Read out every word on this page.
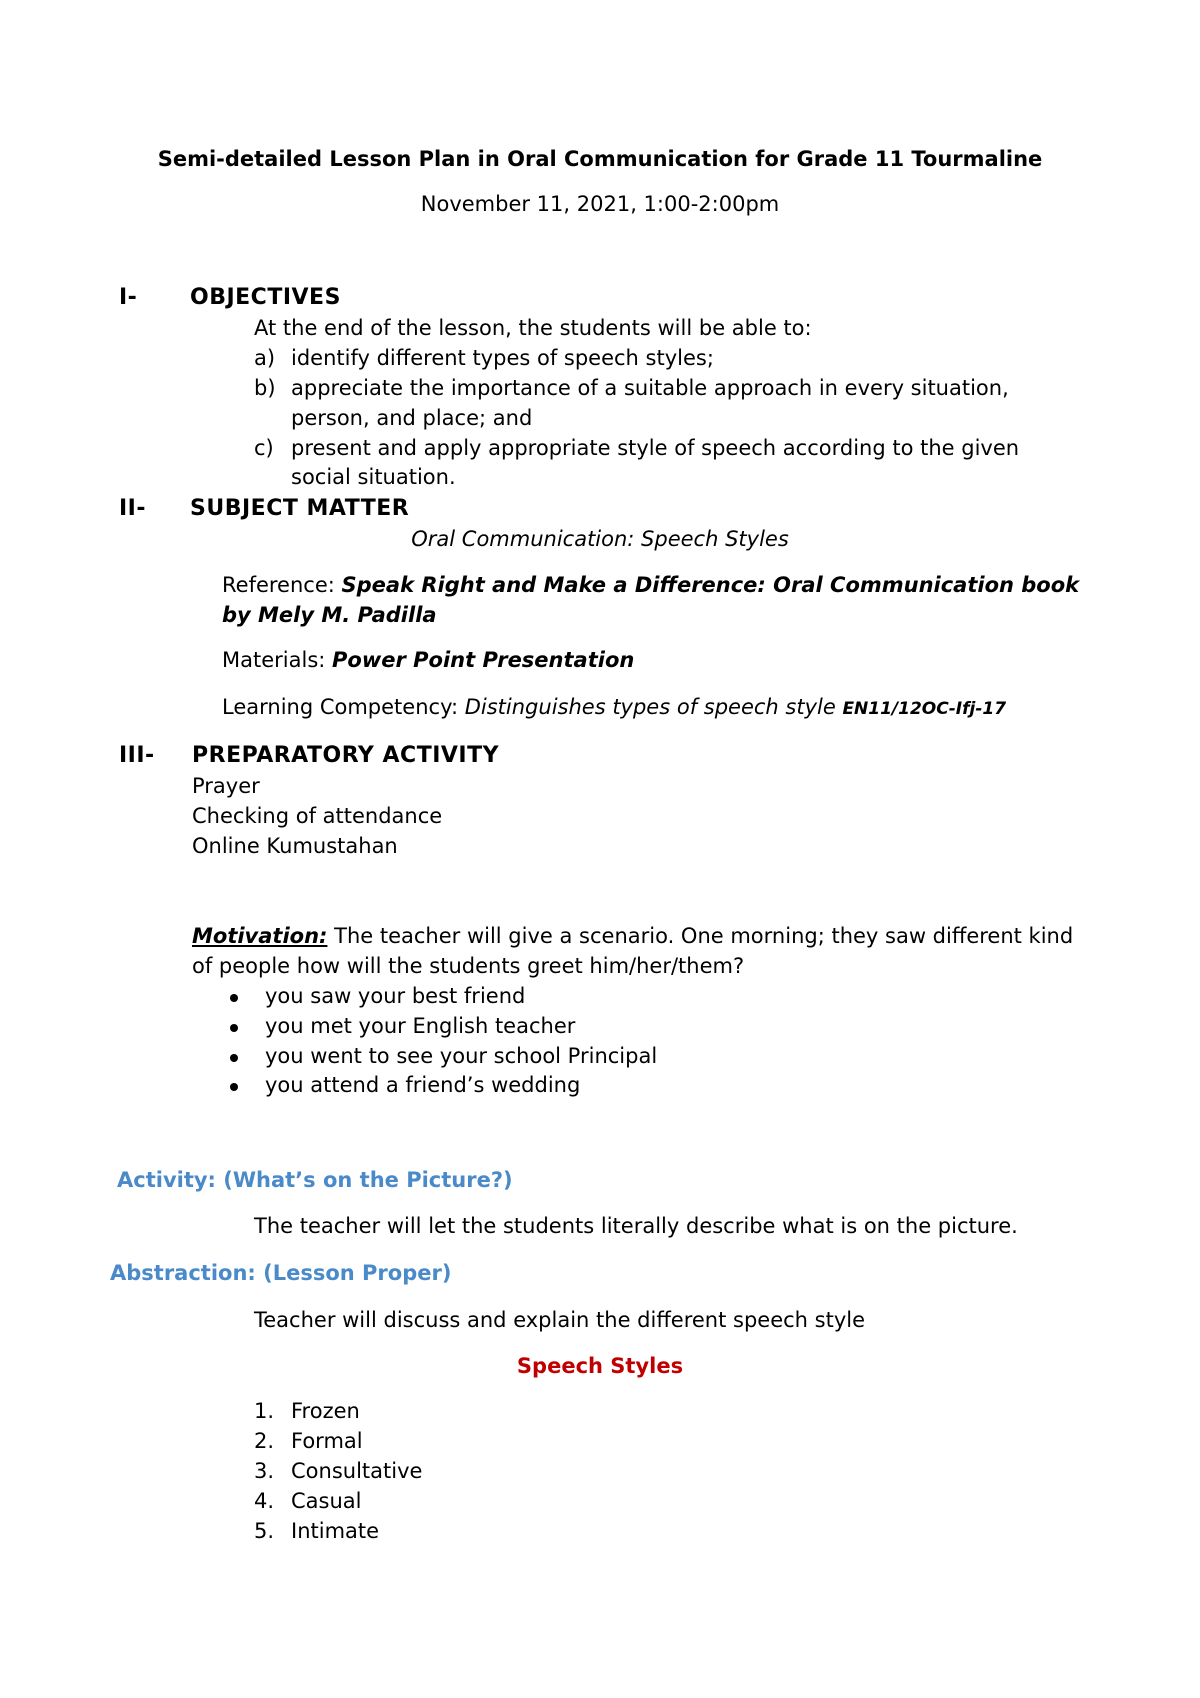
Semi-detailed Lesson Plan in Oral Communication for Grade 11 Tourmaline
November 11, 2021, 1:00-2:00pm
I- OBJECTIVES
At the end of the lesson, the students will be able to:
a) identify different types of speech styles;
b) appreciate the importance of a suitable approach in every situation,
person, and place; and
c) present and apply appropriate style of speech according to the given
social situation.
II- SUBJECT MATTER
Oral Communication: Speech Styles
Reference: Speak Right and Make a Difference: Oral Communication book
by Mely M. Padilla
Materials: Power Point Presentation
Learning Competency: Distinguishes types of speech style EN11/12OC-Ifj-17
III- PREPARATORY ACTIVITY
Prayer
Checking of attendance
Online Kumustahan
Motivation: The teacher will give a scenario. One morning; they saw different kind
of people how will the students greet him/her/them?
you saw your best friend
you met your English teacher
you went to see your school Principal
you attend a friend’s wedding
Activity: (What’s on the Picture?)
The teacher will let the students literally describe what is on the picture.
Abstraction: (Lesson Proper)
Teacher will discuss and explain the different speech style
Speech Styles
1. Frozen
2. Formal
3. Consultative
4. Casual
5. Intimate
